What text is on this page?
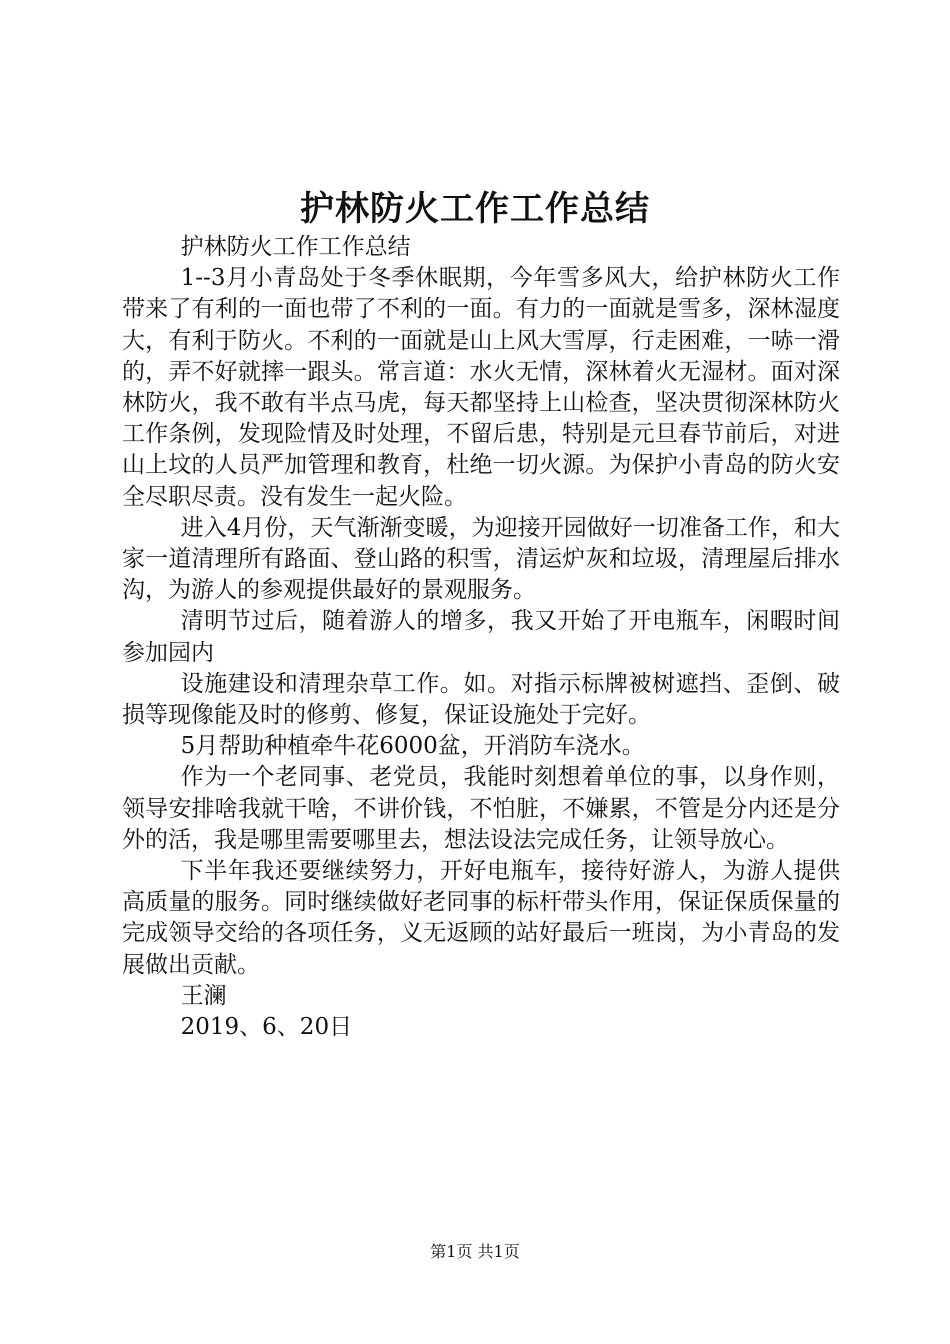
护林防火工作工作总结

护林防火工作工作总结

1--3月小青岛处于冬季休眠期，今年雪多风大，给护林防火工作带来了有利的一面也带了不利的一面。有力的一面就是雪多，深林湿度大，有利于防火。不利的一面就是山上风大雪厚，行走困难，一哧一滑的，弄不好就摔一跟头。常言道：水火无情，深林着火无湿材。面对深林防火，我不敢有半点马虎，每天都坚持上山检查，坚决贯彻深林防火工作条例，发现险情及时处理，不留后患，特别是元旦春节前后，对进山上坟的人员严加管理和教育，杜绝一切火源。为保护小青岛的防火安全尽职尽责。没有发生一起火险。

进入4月份，天气渐渐变暖，为迎接开园做好一切准备工作，和大家一道清理所有路面、登山路的积雪，清运炉灰和垃圾，清理屋后排水沟，为游人的参观提供最好的景观服务。

清明节过后，随着游人的增多，我又开始了开电瓶车，闲暇时间参加园内

设施建设和清理杂草工作。如。对指示标牌被树遮挡、歪倒、破损等现像能及时的修剪、修复，保证设施处于完好。

5月帮助种植牵牛花6000盆，开消防车浇水。

作为一个老同事、老党员，我能时刻想着单位的事，以身作则，领导安排啥我就干啥，不讲价钱，不怕脏，不嫌累，不管是分内还是分外的活，我是哪里需要哪里去，想法设法完成任务，让领导放心。

下半年我还要继续努力，开好电瓶车，接待好游人，为游人提供高质量的服务。同时继续做好老同事的标杆带头作用，保证保质保量的完成领导交给的各项任务，义无返顾的站好最后一班岗，为小青岛的发展做出贡献。

王澜

2019、6、20日

第1页 共1页
